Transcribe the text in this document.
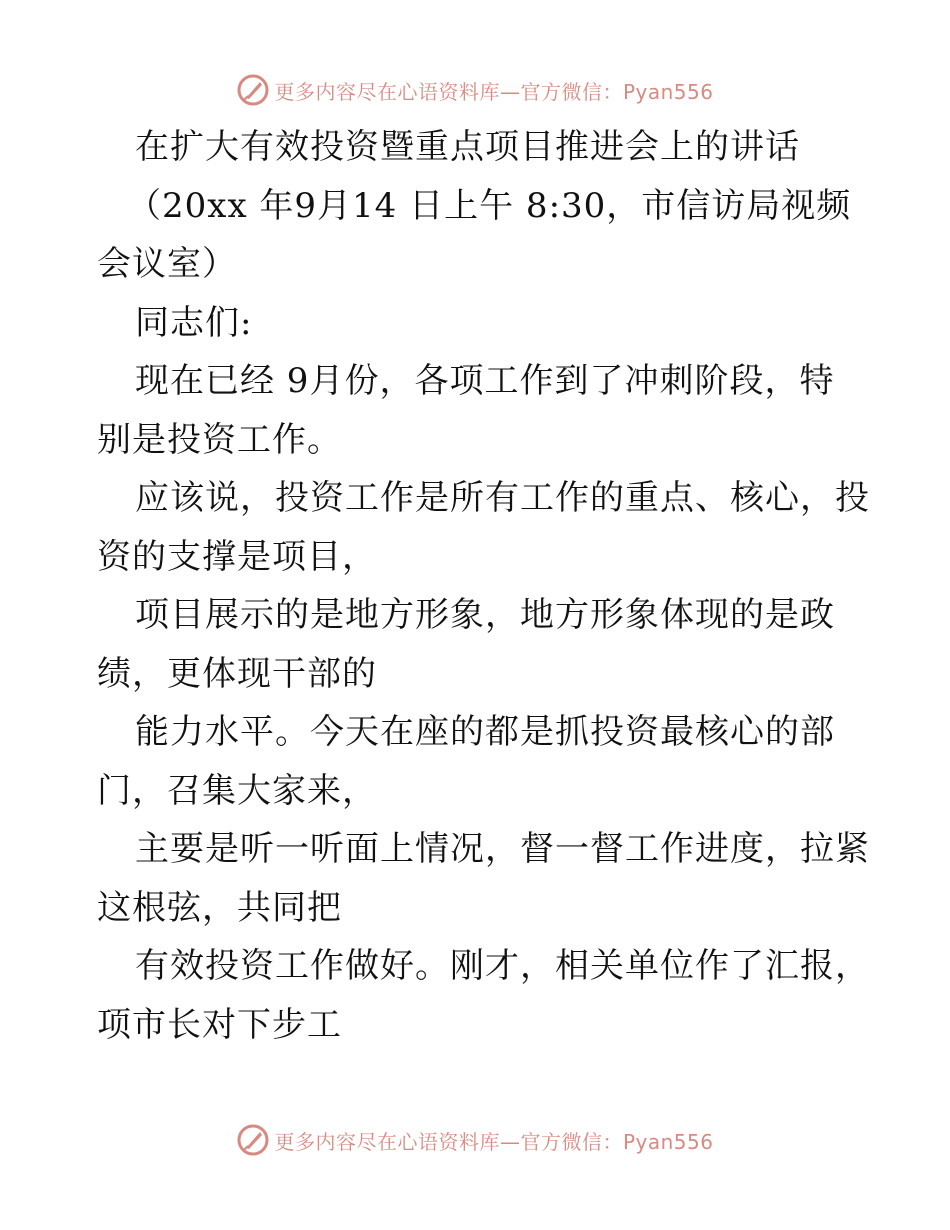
更多内容尽在心语资料库—官方微信：Pyan556
在扩大有效投资暨重点项目推进会上的讲话
（20xx 年9月14 日上午 8:30，市信访局视频
会议室）
同志们:
现在已经 9月份，各项工作到了冲刺阶段，特
别是投资工作。
应该说，投资工作是所有工作的重点、核心，投
资的支撑是项目，
项目展示的是地方形象，地方形象体现的是政
绩，更体现干部的
能力水平。今天在座的都是抓投资最核心的部
门，召集大家来，
主要是听一听面上情况，督一督工作进度，拉紧
这根弦，共同把
有效投资工作做好。刚才，相关单位作了汇报，
项市长对下步工
更多内容尽在心语资料库—官方微信：Pyan556
